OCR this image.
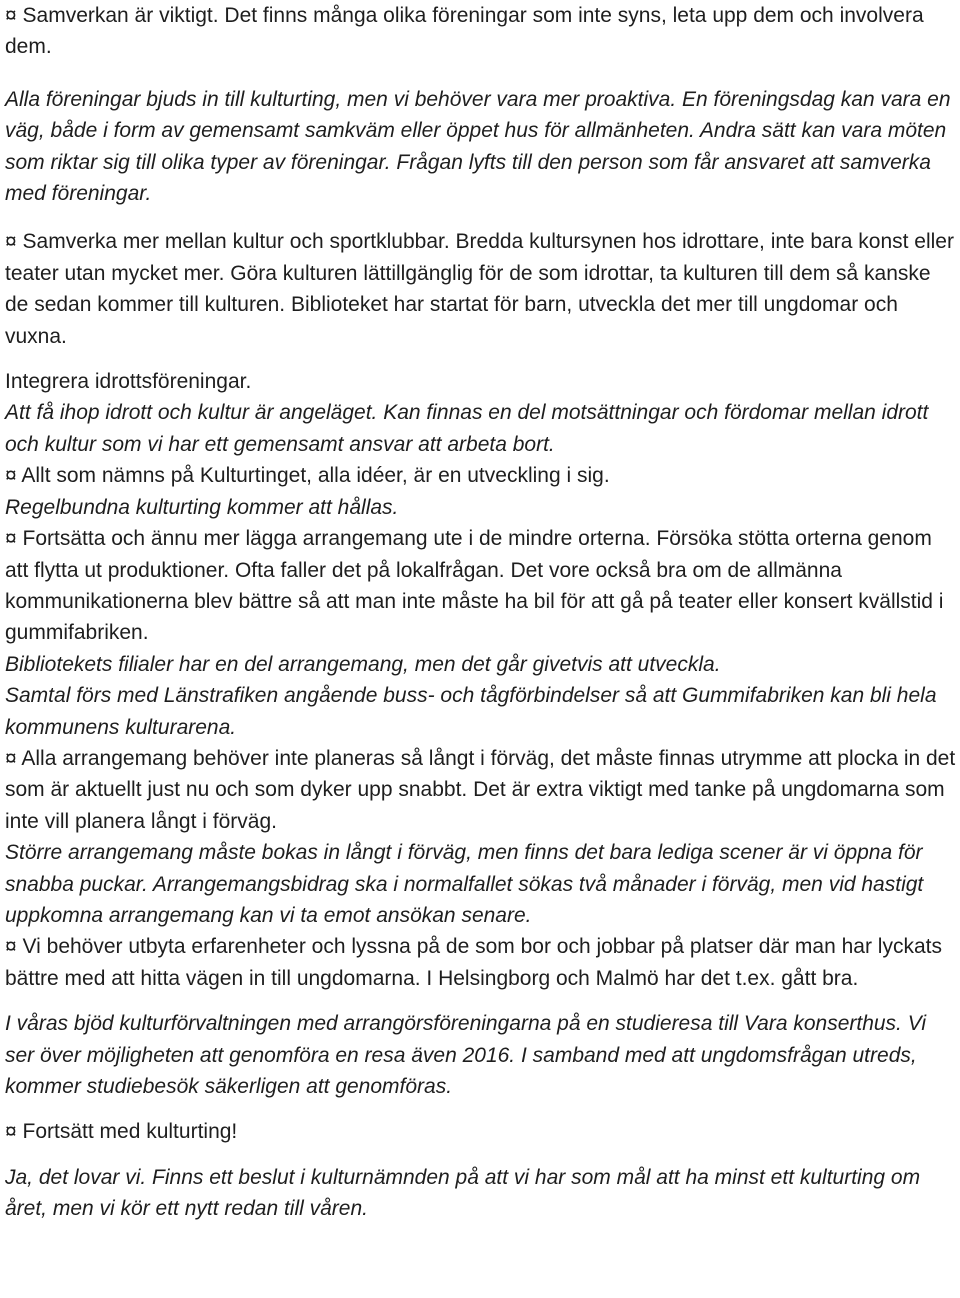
¤ Samverkan är viktigt. Det finns många olika föreningar som inte syns, leta upp dem och involvera dem.

Alla föreningar bjuds in till kulturting, men vi behöver vara mer proaktiva. En föreningsdag kan vara en väg, både i form av gemensamt samkväm eller öppet hus för allmänheten. Andra sätt kan vara möten som riktar sig till olika typer av föreningar. Frågan lyfts till den person som får ansvaret att samverka med föreningar.

¤ Samverka mer mellan kultur och sportklubbar. Bredda kultursynen hos idrottare, inte bara konst eller teater utan mycket mer. Göra kulturen lättillgänglig för de som idrottar, ta kulturen till dem så kanske de sedan kommer till kulturen. Biblioteket har startat för barn, utveckla det mer till ungdomar och vuxna.

Integrera idrottsföreningar.

Att få ihop idrott och kultur är angeläget. Kan finnas en del motsättningar och fördomar mellan idrott och kultur som vi har ett gemensamt ansvar att arbeta bort.

¤ Allt som nämns på Kulturtinget, alla idéer, är en utveckling i sig.

Regelbundna kulturting kommer att hållas.

¤ Fortsätta och ännu mer lägga arrangemang ute i de mindre orterna. Försöka stötta orterna genom att flytta ut produktioner. Ofta faller det på lokalfrågan. Det vore också bra om de allmänna kommunikationerna blev bättre så att man inte måste ha bil för att gå på teater eller konsert kvällstid i gummifabriken.

Bibliotekets filialer har en del arrangemang, men det går givetvis att utveckla.

Samtal förs med Länstrafiken angående buss- och tågförbindelser så att Gummifabriken kan bli hela kommunens kulturarena.

¤ Alla arrangemang behöver inte planeras så långt i förväg, det måste finnas utrymme att plocka in det som är aktuellt just nu och som dyker upp snabbt. Det är extra viktigt med tanke på ungdomarna som inte vill planera långt i förväg.

Större arrangemang måste bokas in långt i förväg, men finns det bara lediga scener är vi öppna för snabba puckar. Arrangemangsbidrag ska i normalfallet sökas två månader i förväg, men vid hastigt uppkomna arrangemang kan vi ta emot ansökan senare.

¤ Vi behöver utbyta erfarenheter och lyssna på de som bor och jobbar på platser där man har lyckats bättre med att hitta vägen in till ungdomarna. I Helsingborg och Malmö har det t.ex. gått bra.

I våras bjöd kulturförvaltningen med arrangörsföreningarna på en studieresa till Vara konserthus. Vi ser över möjligheten att genomföra en resa även 2016. I samband med att ungdomsfrågan utreds, kommer studiebesök säkerligen att genomföras.

¤ Fortsätt med kulturting!

Ja, det lovar vi. Finns ett beslut i kulturnämnden på att vi har som mål att ha minst ett kulturting om året, men vi kör ett nytt redan till våren.
